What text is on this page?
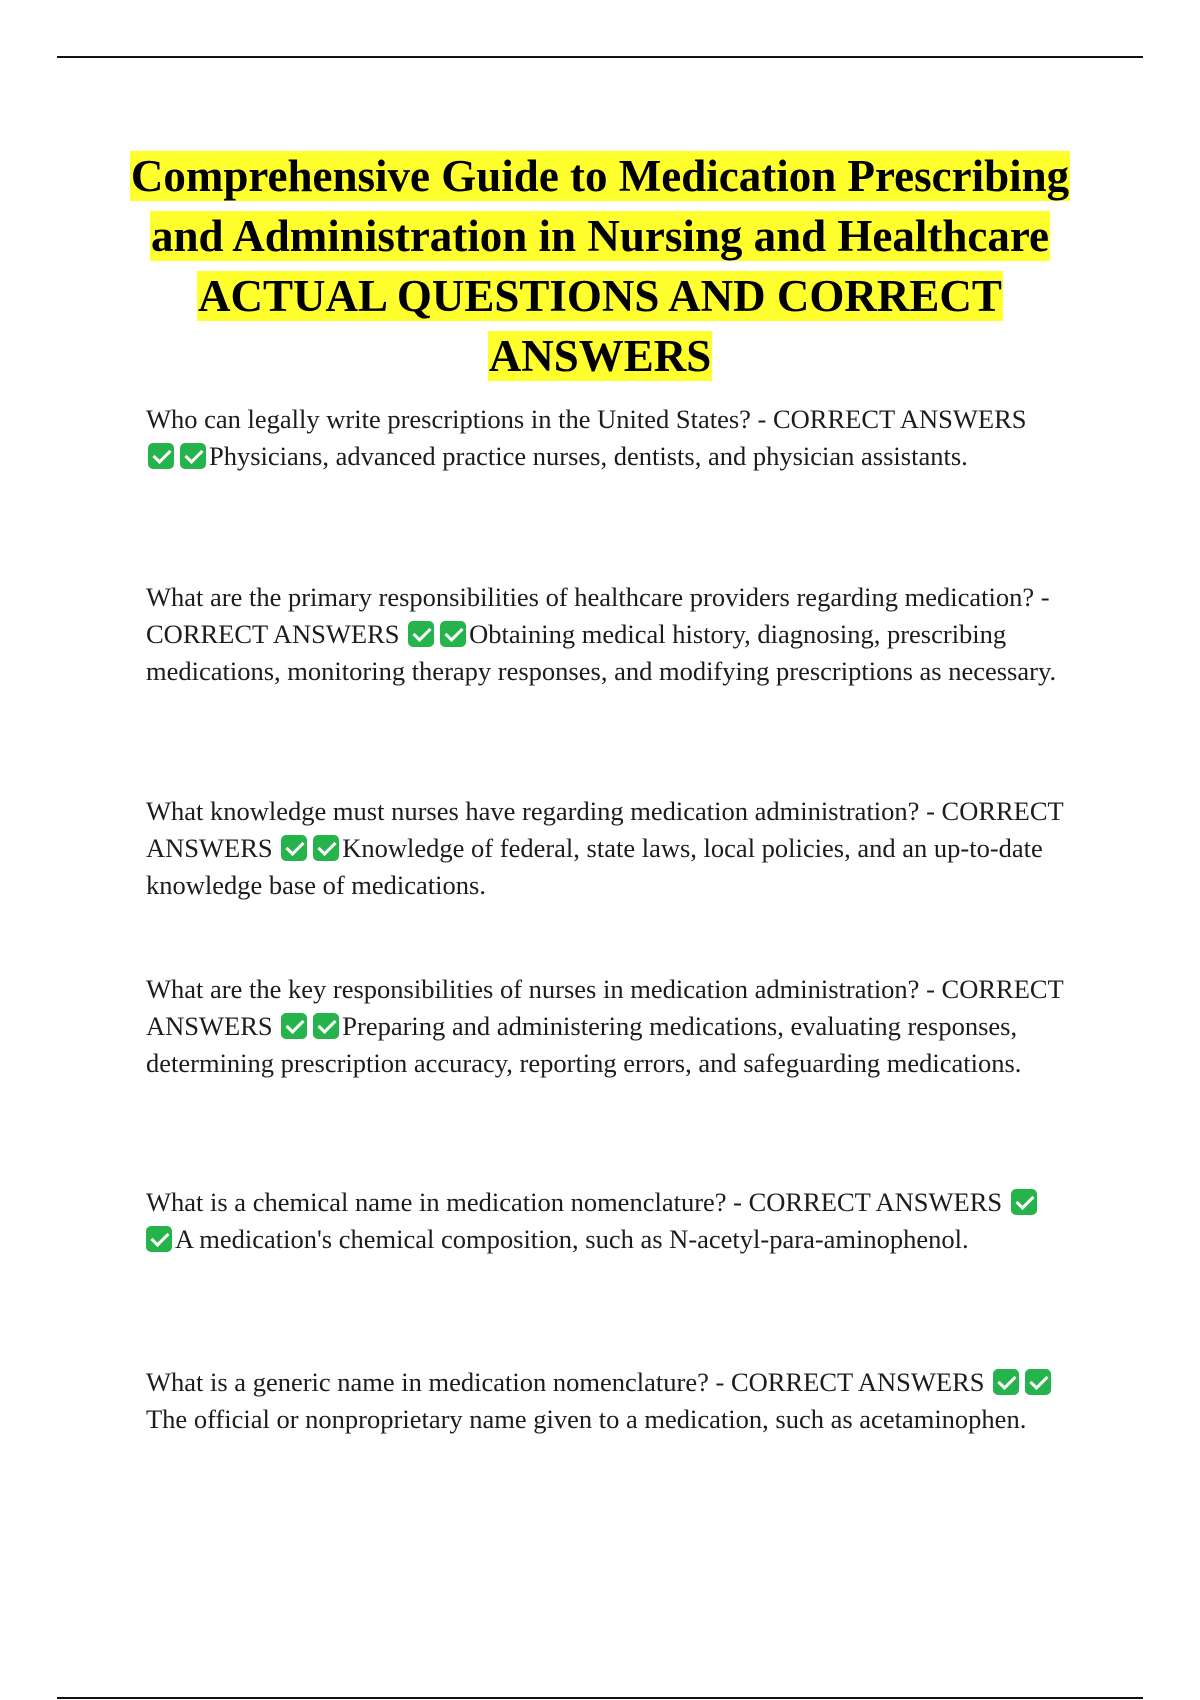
Comprehensive Guide to Medication Prescribing and Administration in Nursing and Healthcare ACTUAL QUESTIONS AND CORRECT ANSWERS

Who can legally write prescriptions in the United States? - CORRECT ANSWERS Physicians, advanced practice nurses, dentists, and physician assistants.

What are the primary responsibilities of healthcare providers regarding medication? - CORRECT ANSWERS	Obtaining medical history, diagnosing, prescribing medications, monitoring therapy responses, and modifying prescriptions as necessary.

What knowledge must nurses have regarding medication administration? - CORRECT ANSWERS	Knowledge of federal, state laws, local policies, and an up-to-date knowledge base of medications.

What are the key responsibilities of nurses in medication administration? - CORRECT ANSWERS	Preparing and administering medications, evaluating responses, determining prescription accuracy, reporting errors, and safeguarding medications.

What is a chemical name in medication nomenclature? - CORRECT ANSWERS A medication's chemical composition, such as N-acetyl-para-aminophenol.

What is a generic name in medication nomenclature? - CORRECT ANSWERS The official or nonproprietary name given to a medication, such as acetaminophen.
